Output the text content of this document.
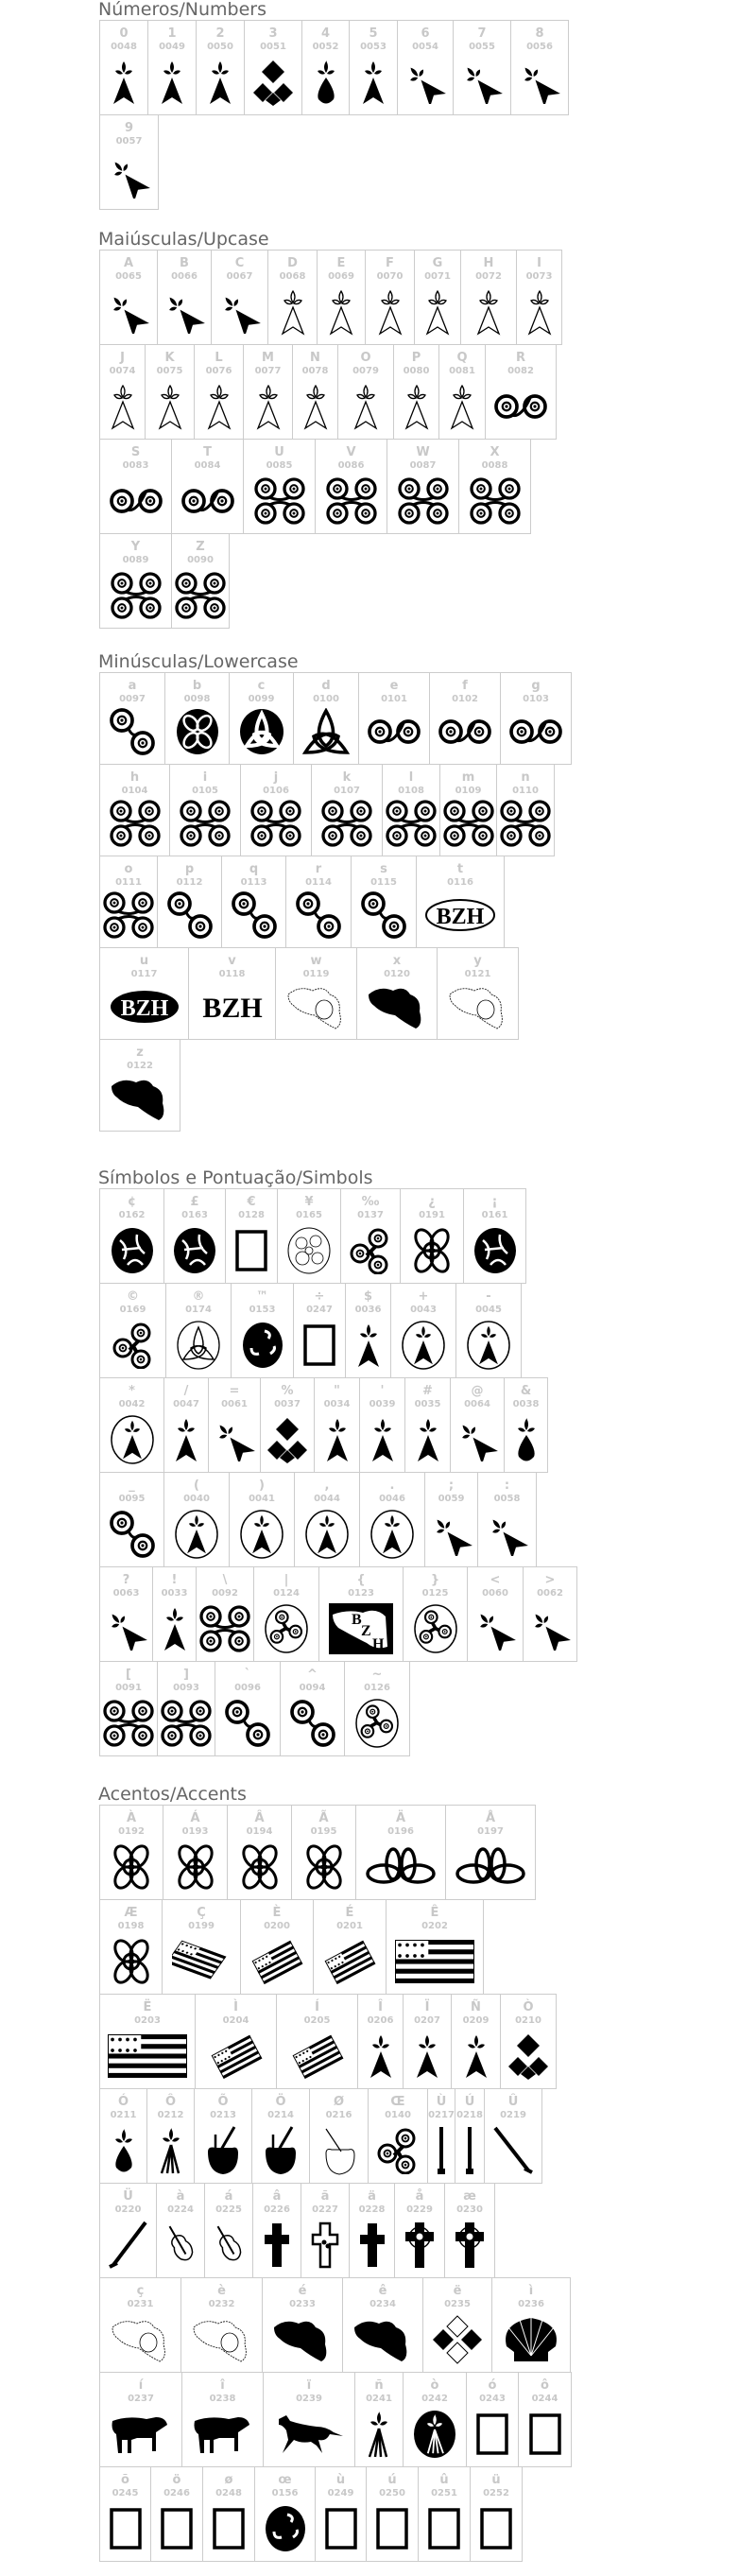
Números/Numbers
0
0048
1
0049
2
0050
3
0051
4
0052
5
0053
6
0054
7
0055
8
0056
9
0057
Maiúsculas/Upcase
A
0065
B
0066
C
0067
D
0068
E
0069
F
0070
G
0071
H
0072
I
0073
J
0074
K
0075
L
0076
M
0077
N
0078
O
0079
P
0080
Q
0081
R
0082
S
0083
T
0084
U
0085
V
0086
W
0087
X
0088
Y
0089
Z
0090
Minúsculas/Lowercase
a
0097
b
0098
c
0099
d
0100
e
0101
f
0102
g
0103
h
0104
i
0105
j
0106
k
0107
l
0108
m
0109
n
0110
o
0111
p
0112
q
0113
r
0114
s
0115
t
0116
BZH
u
0117
BZH
v
0118
BZH
w
0119
x
0120
y
0121
z
0122
Símbolos e Pontuação/Simbols
¢
0162
£
0163
€
0128
¥
0165
‰
0137
¿
0191
¡
0161
©
0169
®
0174
™
0153
÷
0247
$
0036
+
0043
-
0045
*
0042
/
0047
=
0061
%
0037
"
0034
'
0039
#
0035
@
0064
&
0038
_
0095
(
0040
)
0041
,
0044
.
0046
;
0059
:
0058
?
0063
!
0033
\
0092
|
0124
{
0123
B
Z
H
}
0125
<
0060
>
0062
[
0091
]
0093
`
0096
^
0094
~
0126
Acentos/Accents
À
0192
Á
0193
Â
0194
Ã
0195
Ä
0196
Å
0197
Æ
0198
Ç
0199
È
0200
É
0201
Ê
0202
Ë
0203
Ì
0204
Í
0205
Î
0206
Ï
0207
Ñ
0209
Ò
0210
Ó
0211
Ô
0212
Õ
0213
Ö
0214
Ø
0216
Œ
0140
Ù
0217
Ú
0218
Û
0219
Ü
0220
à
0224
á
0225
â
0226
ã
0227
ä
0228
å
0229
æ
0230
ç
0231
è
0232
é
0233
ê
0234
ë
0235
ì
0236
í
0237
î
0238
ï
0239
ñ
0241
ò
0242
ó
0243
ô
0244
õ
0245
ö
0246
ø
0248
œ
0156
ù
0249
ú
0250
û
0251
ü
0252
